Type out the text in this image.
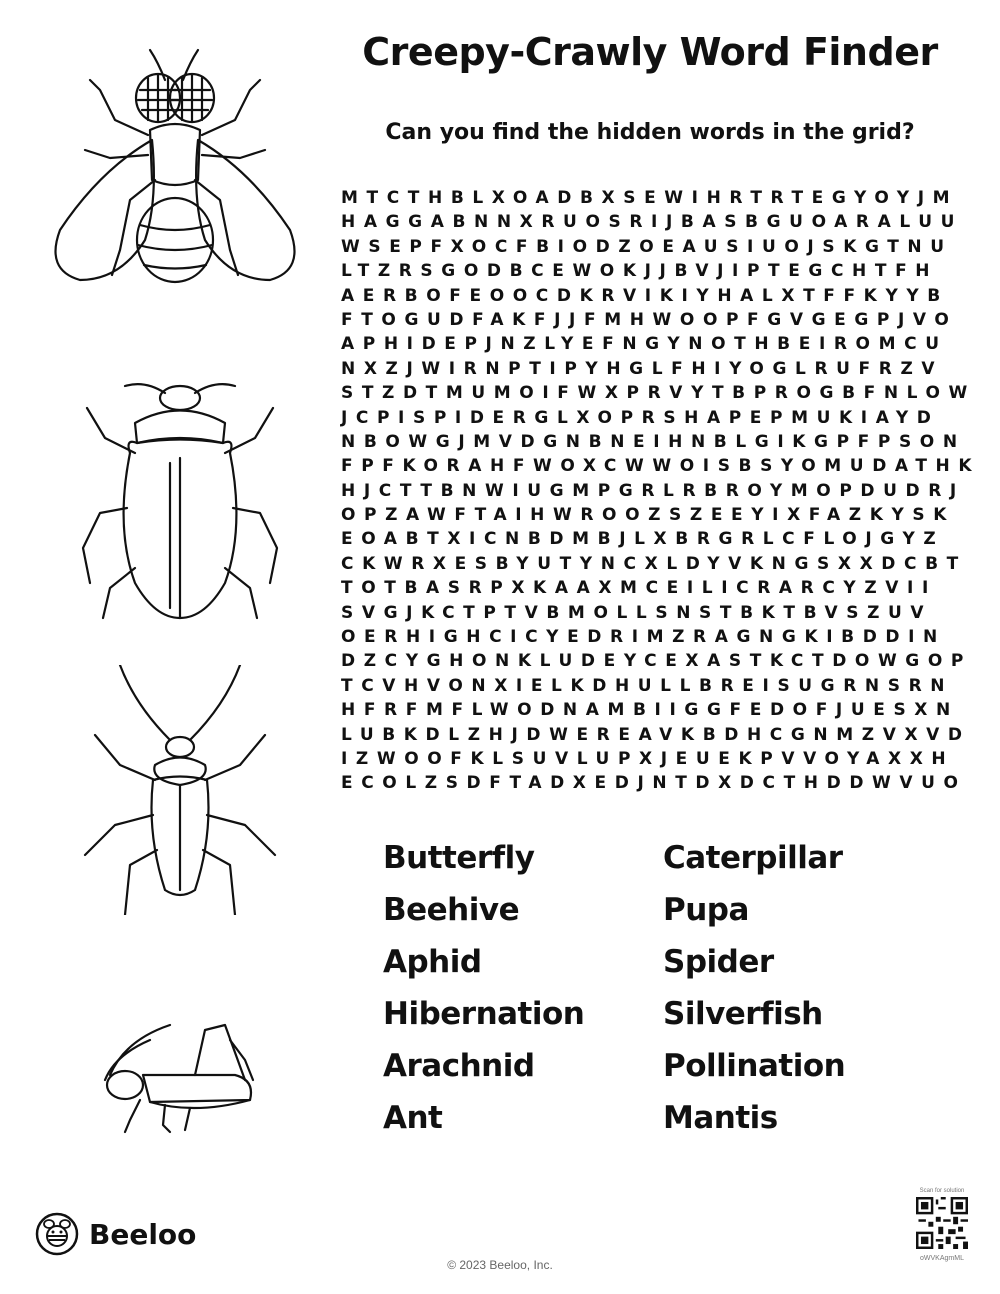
Creepy-Crawly Word Finder
Can you find the hidden words in the grid?
MTCTHBLXOADBXSEWIHRTRTEGYOYJM
HAGGABNNXRUOSRIJBASBGUOARALUU
WSEPFXOCFBIODZOEAUSIUOJSKGTNU
LTZRSGODBCEWOKJJBVJIPTEGCHTFH
AERBOFEOOCDKRVIKIYHALXTFFKYYB
FTOGUDFAKFJJFMHWOOPFGVGEGPJVO
APHIDEPJNZLYEFNGYNOTHBEIROMCU
NXZJWIRNPTIPYHGLFHIYOGLRUFRZV
STZDTMUMOIFWXPRVYTBPROGBFNLOW
JCPISPIDERGLXOPRSHAPEPMUKIAYD
NBOWGJMVDGNBNEIHNBLGIKGPFPSON
FPFKORAHFWOXCWWOISBSYOMUDATHK
HJCTTBNWIUGMPGRLRBROYMOPDUDRJ
OPZAWFTAIHWROOZSZEEYIXFAZKYSK
EOABTXICNBDMBJLXBRGRLCFLOJGYZ
CKWRXESBYUTYNCXLDYVKNGSXXDCBT
TOTBASRPXKAAXMCEILICRARCYZVII
SVGJKCTPTVBMOLLSNSTBKTBVSZUV
OERHIGHCICYEDRIMZRAGNGKIBDDIN
DZCYGHONKLUDEYCEXASTKCTDOWGOP
TCVHVONXIELKDHULLBREISUGRNSRN
HFRFMFLWODNAMBIIGGFEDOFJUESXN
LUBKDLZHJDWEREAVKBDHCGNMZVXVD
IZWOOFKLSUVLUPXJEUEKPVVOYAXXH
ECOLZSDFTADXEDJNTDXDCTHDDWVUO
Butterfly
Beehive
Aphid
Hibernation
Arachnid
Ant
Caterpillar
Pupa
Spider
Silverfish
Pollination
Mantis
Beeloo
Scan for solution
oWVKAgmML
© 2023 Beeloo, Inc.
